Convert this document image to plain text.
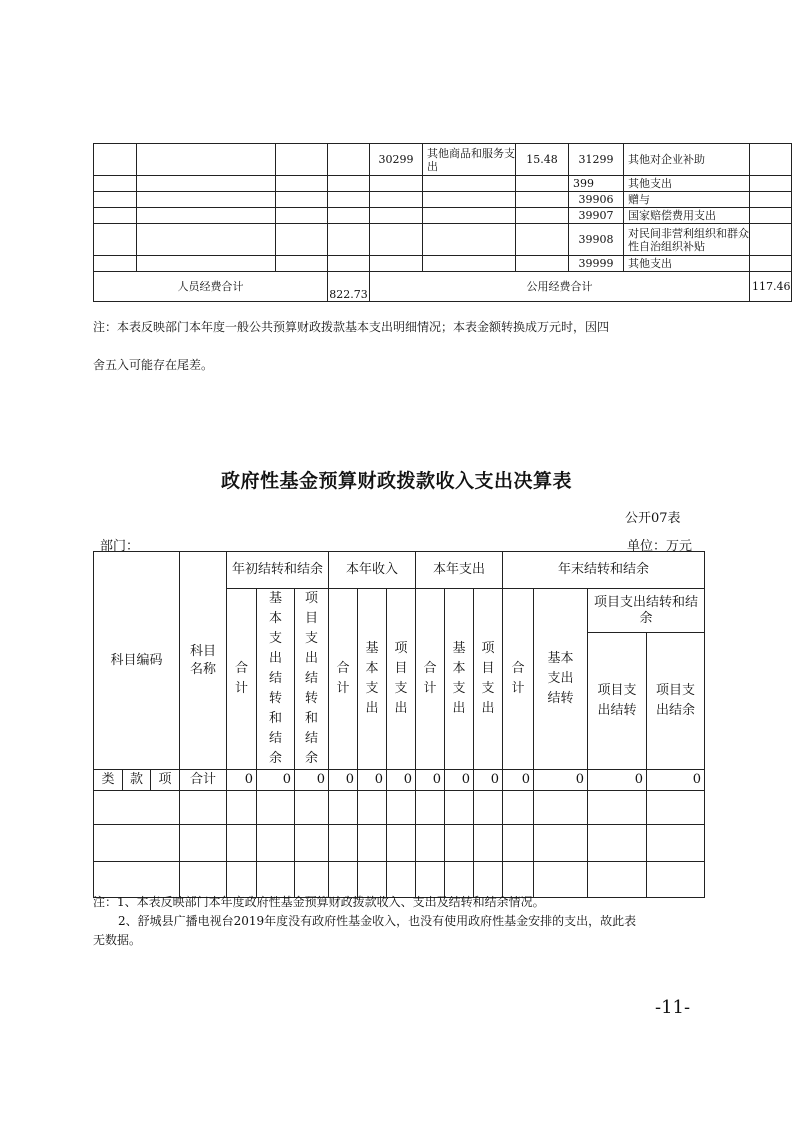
				30299	其他商品和服务支出	15.48	31299	其他对企业补助	
							399	其他支出	
							39906	赠与	
							39907	国家赔偿费用支出	
							39908	对民间非营利组织和群众性自治组织补贴	
							39999	其他支出	
人员经费合计			822.73	公用经费合计					117.46
注：本表反映部门本年度一般公共预算财政拨款基本支出明细情况；本表金额转换成万元时，因四
舍五入可能存在尾差。
政府性基金预算财政拨款收入支出决算表
公开07表
部门：	单位：万元
科目编码			科目名称	年初结转和结余			本年收入			本年支出			年末结转和结余			
				合计	基本支出结转和结余	项目支出结转和结余	合计	基本支出	项目支出	合计	基本支出	项目支出	合计	基本支出结转	项目支出结转和结余	
															项目支出结转	项目支出结余
类	款	项	合计	0	0	0	0	0	0	0	0	0	0	0	0	0

注：1、本表反映部门本年度政府性基金预算财政拨款收入、支出及结转和结余情况。
2、舒城县广播电视台2019年度没有政府性基金收入，也没有使用政府性基金安排的支出，故此表
无数据。
-11-
